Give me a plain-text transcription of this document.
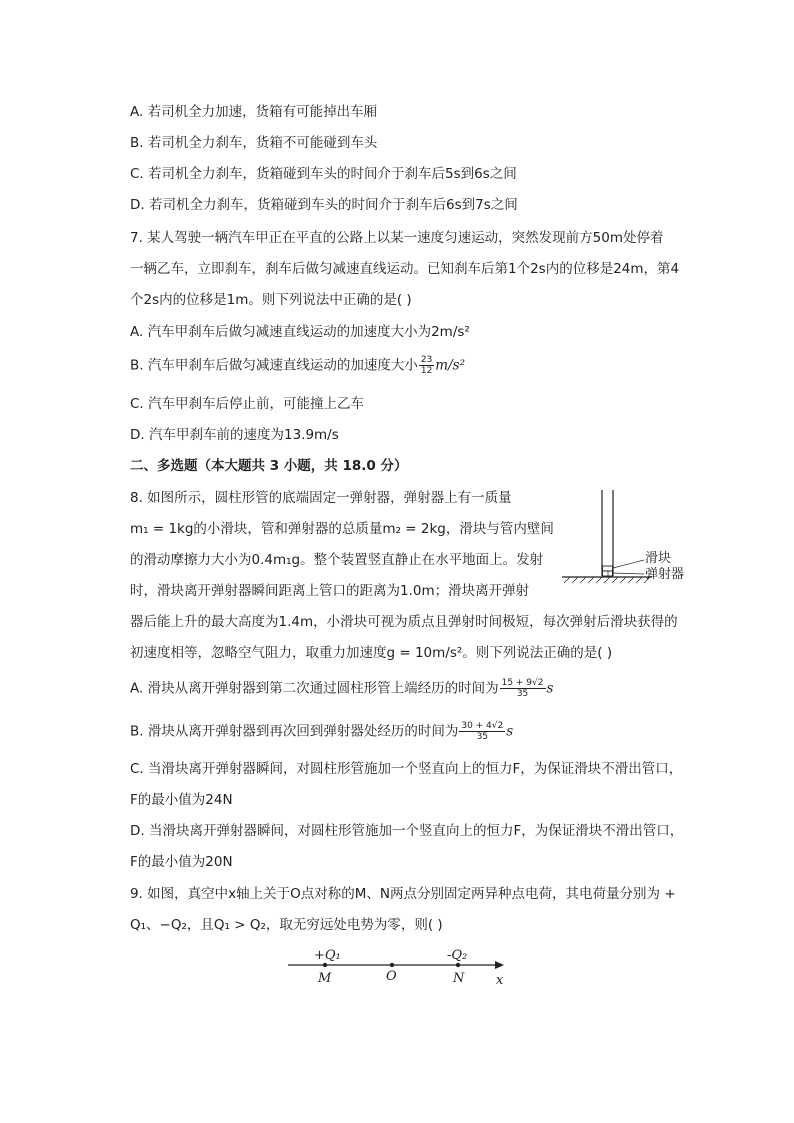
A. 若司机全力加速，货箱有可能掉出车厢
B. 若司机全力刹车，货箱不可能碰到车头
C. 若司机全力刹车，货箱碰到车头的时间介于刹车后5s到6s之间
D. 若司机全力刹车，货箱碰到车头的时间介于刹车后6s到7s之间
7. 某人驾驶一辆汽车甲正在平直的公路上以某一速度匀速运动，突然发现前方50m处停着
一辆乙车，立即刹车，刹车后做匀减速直线运动。已知刹车后第1个2s内的位移是24m，第4
个2s内的位移是1m。则下列说法中正确的是( )
A. 汽车甲刹车后做匀减速直线运动的加速度大小为2m/s²
B. 汽车甲刹车后做匀减速直线运动的加速度大小 $\frac{23}{12} m/s^2$
C. 汽车甲刹车后停止前，可能撞上乙车
D. 汽车甲刹车前的速度为13.9m/s
二、多选题（本大题共 3 小题，共 18.0 分）
8. 如图所示，圆柱形管的底端固定一弹射器，弹射器上有一质量
m₁ = 1kg的小滑块，管和弹射器的总质量m₂ = 2kg，滑块与管内壁间
的滑动摩擦力大小为0.4m₁g。整个装置竖直静止在水平地面上。发射
时，滑块离开弹射器瞬间距离上管口的距离为1.0m；滑块离开弹射
器后能上升的最大高度为1.4m，小滑块可视为质点且弹射时间极短，每次弹射后滑块获得的
初速度相等，忽略空气阻力，取重力加速度g = 10m/s²。则下列说法正确的是( )
滑块
弹射器
A. 滑块从离开弹射器到第二次通过圆柱形管上端经历的时间为 $\frac{15 + 9√2}{35}$ s
B. 滑块从离开弹射器到再次回到弹射器处经历的时间为 $\frac{30 + 4√2}{35}$ s
C. 当滑块离开弹射器瞬间，对圆柱形管施加一个竖直向上的恒力F，为保证滑块不滑出管口，
F的最小值为24N
D. 当滑块离开弹射器瞬间，对圆柱形管施加一个竖直向上的恒力F，为保证滑块不滑出管口，
F的最小值为20N
9. 如图，真空中x轴上关于O点对称的M、N两点分别固定两异种点电荷，其电荷量分别为 +
Q₁、−Q₂，且Q₁ > Q₂，取无穷远处电势为零，则( )
+Q₁	-Q₂
M	O	N x
